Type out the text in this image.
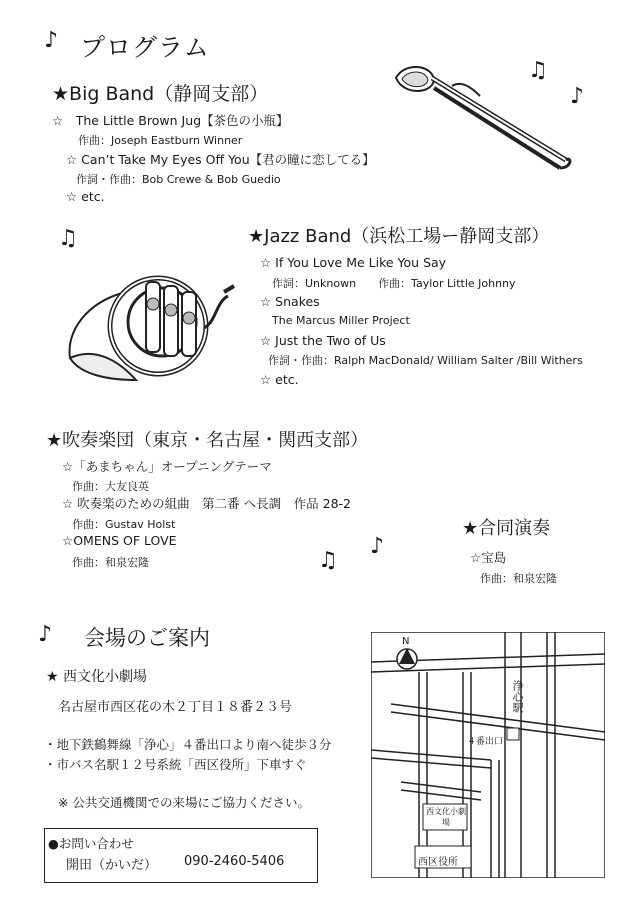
♪ プログラム
★Big Band（静岡支部）
☆　The Little Brown Jug【茶色の小瓶】
作曲：Joseph Eastburn Winner
☆ Can’t Take My Eyes Off You【君の瞳に恋してる】
作詞・作曲：Bob Crewe & Bob Guedio
☆ etc.
♫
♪
♫	★Jazz Band（浜松工場ー静岡支部）
☆ If You Love Me Like You Say
作詞：Unknown　　作曲：Taylor Little Johnny
☆ Snakes
The Marcus Miller Project
☆ Just the Two of Us
作詞・作曲：Ralph MacDonald/ William Salter /Bill Withers
☆ etc.
★吹奏楽団（東京・名古屋・関西支部）
☆「あまちゃん」オープニングテーマ
作曲：大友良英
☆ 吹奏楽のための組曲　第二番 へ長調　作品 28-2
作曲：Gustav Holst
☆OMENS OF LOVE
作曲：和泉宏隆
★合同演奏
☆宝島
作曲：和泉宏隆
♫
♪
♪ 会場のご案内
★ 西文化小劇場
名古屋市西区花の木２丁目１８番２３号
・地下鉄鶴舞線「浄心」４番出口より南へ徒歩３分
・市バス名駅１２号系統「西区役所」下車すぐ
※ 公共交通機関での来場にご協力ください。
●お問い合わせ
開田（かいだ） 090-2460-5406
N
浄心駅
４番出口
西文化小劇場
西区役所
